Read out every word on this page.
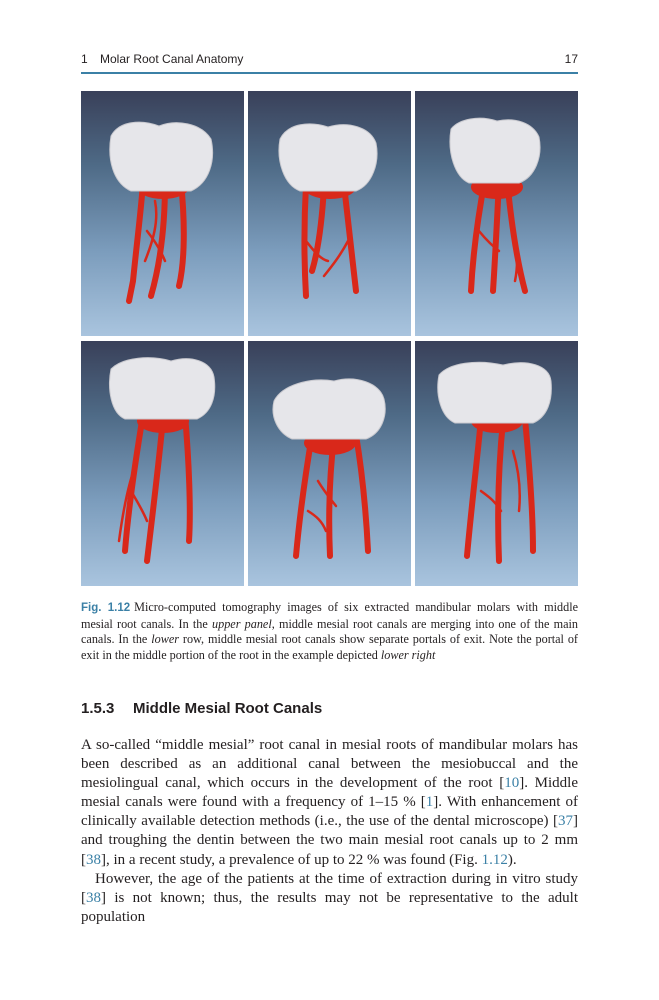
1 Molar Root Canal Anatomy	17
Fig. 1.12 Micro-computed tomography images of six extracted mandibular molars with middle mesial root canals. In the upper panel, middle mesial root canals are merging into one of the main canals. In the lower row, middle mesial root canals show separate portals of exit. Note the portal of exit in the middle portion of the root in the example depicted lower right
1.5.3 Middle Mesial Root Canals

A so-called “middle mesial” root canal in mesial roots of mandibular molars has been described as an additional canal between the mesiobuccal and the mesiolingual canal, which occurs in the development of the root [10]. Middle mesial canals were found with a frequency of 1–15 % [1]. With enhancement of clinically available detection methods (i.e., the use of the dental microscope) [37] and troughing the dentin between the two main mesial root canals up to 2 mm [38], in a recent study, a prevalence of up to 22 % was found (Fig. 1.12).

However, the age of the patients at the time of extraction during in vitro study [38] is not known; thus, the results may not be representative to the adult population
